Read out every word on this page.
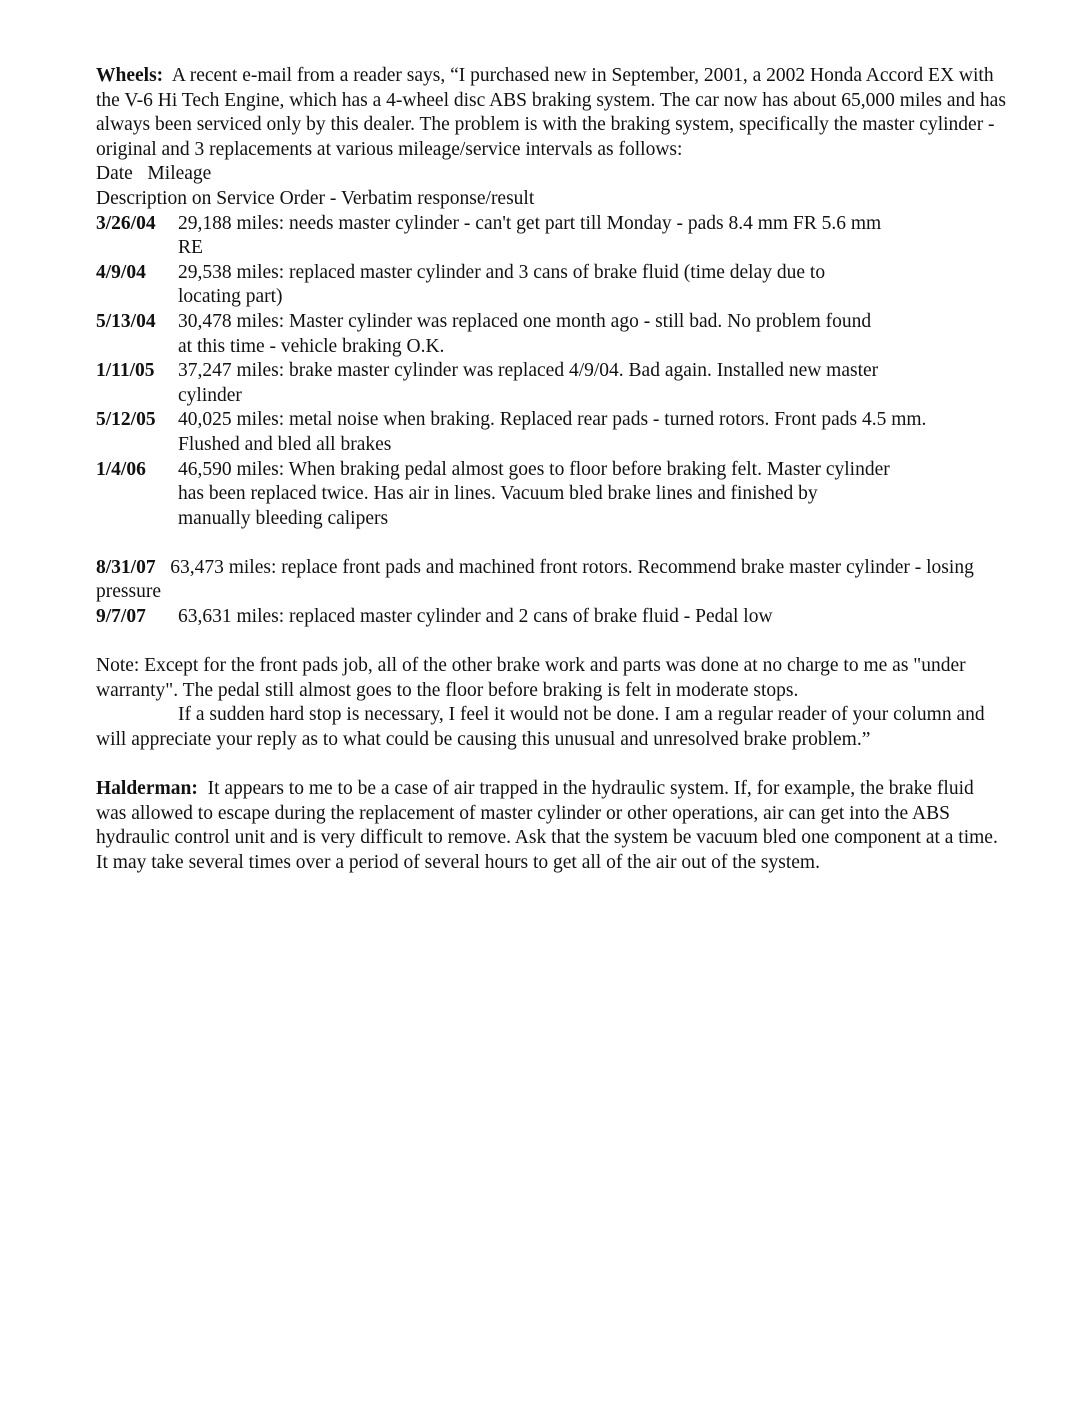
Wheels: A recent e-mail from a reader says, “I purchased new in September, 2001, a 2002 Honda Accord EX with the V-6 Hi Tech Engine, which has a 4-wheel disc ABS braking system. The car now has about 65,000 miles and has always been serviced only by this dealer. The problem is with the braking system, specifically the master cylinder - original and 3 replacements at various mileage/service intervals as follows:

Date   Mileage

Description on Service Order - Verbatim response/result

3/26/04	29,188 miles: needs master cylinder - can't get part till Monday - pads 8.4 mm FR 5.6 mm RE
4/9/04	29,538 miles: replaced master cylinder and 3 cans of brake fluid (time delay due to locating part)
5/13/04	30,478 miles: Master cylinder was replaced one month ago - still bad. No problem found at this time - vehicle braking O.K.
1/11/05	37,247 miles: brake master cylinder was replaced 4/9/04. Bad again. Installed new master cylinder
5/12/05	40,025 miles: metal noise when braking. Replaced rear pads - turned rotors. Front pads 4.5 mm. Flushed and bled all brakes
1/4/06	46,590 miles: When braking pedal almost goes to floor before braking felt. Master cylinder has been replaced twice. Has air in lines. Vacuum bled brake lines and finished by manually bleeding calipers

8/31/07 63,473 miles: replace front pads and machined front rotors. Recommend brake master cylinder - losing pressure

9/7/07	63,631 miles: replaced master cylinder and 2 cans of brake fluid - Pedal low

Note: Except for the front pads job, all of the other brake work and parts was done at no charge to me as "under warranty". The pedal still almost goes to the floor before braking is felt in moderate stops.

If a sudden hard stop is necessary, I feel it would not be done. I am a regular reader of your column and will appreciate your reply as to what could be causing this unusual and unresolved brake problem.”

Halderman: It appears to me to be a case of air trapped in the hydraulic system. If, for example, the brake fluid was allowed to escape during the replacement of master cylinder or other operations, air can get into the ABS hydraulic control unit and is very difficult to remove. Ask that the system be vacuum bled one component at a time. It may take several times over a period of several hours to get all of the air out of the system.
